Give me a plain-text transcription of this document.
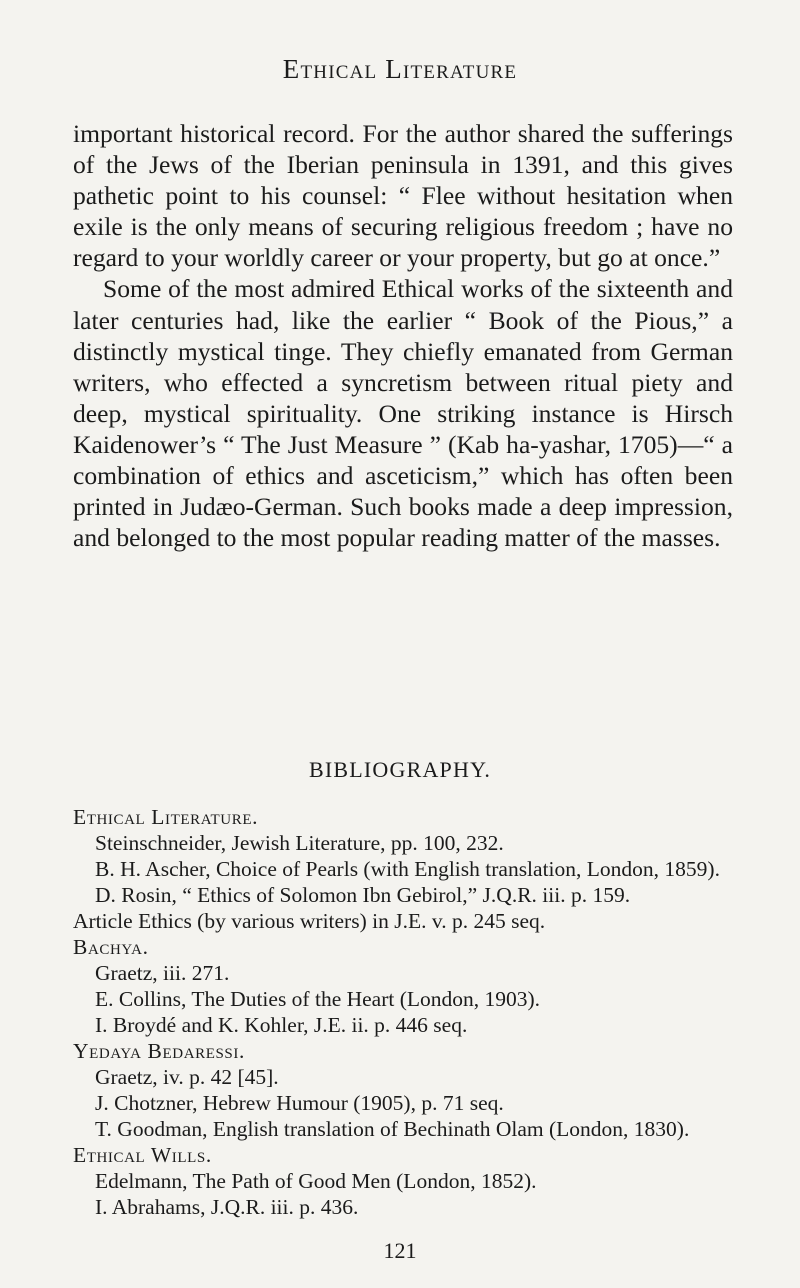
Ethical Literature

important historical record. For the author shared the sufferings of the Jews of the Iberian peninsula in 1391, and this gives pathetic point to his counsel: “ Flee without hesitation when exile is the only means of securing religious freedom ; have no regard to your worldly career or your property, but go at once.”

Some of the most admired Ethical works of the sixteenth and later centuries had, like the earlier “ Book of the Pious,” a distinctly mystical tinge. They chiefly emanated from German writers, who effected a syncretism between ritual piety and deep, mystical spirituality. One striking instance is Hirsch Kaidenower’s “ The Just Measure ” (Kab ha-yashar, 1705)—“ a combination of ethics and asceticism,” which has often been printed in Judæo-German. Such books made a deep impression, and belonged to the most popular reading matter of the masses.

BIBLIOGRAPHY.

Ethical Literature.

Steinschneider, Jewish Literature, pp. 100, 232.

B. H. Ascher, Choice of Pearls (with English translation, London, 1859).

D. Rosin, “ Ethics of Solomon Ibn Gebirol,” J.Q.R. iii. p. 159.

Article Ethics (by various writers) in J.E. v. p. 245 seq.

Bachya.

Graetz, iii. 271.

E. Collins, The Duties of the Heart (London, 1903).

I. Broydé and K. Kohler, J.E. ii. p. 446 seq.

Yedaya Bedaressi.

Graetz, iv. p. 42 [45].

J. Chotzner, Hebrew Humour (1905), p. 71 seq.

T. Goodman, English translation of Bechinath Olam (London, 1830).

Ethical Wills.

Edelmann, The Path of Good Men (London, 1852).

I. Abrahams, J.Q.R. iii. p. 436.

121
